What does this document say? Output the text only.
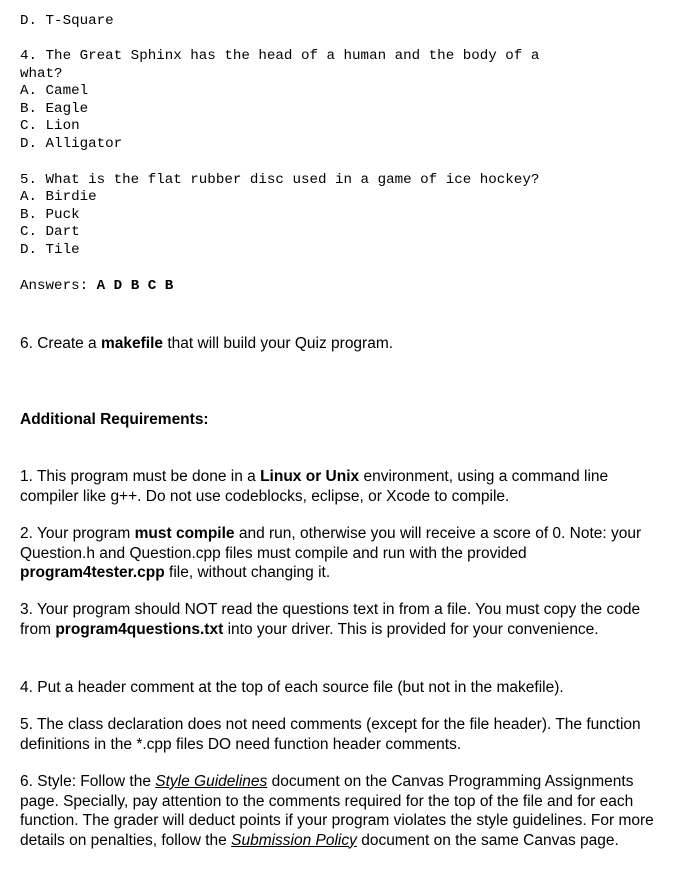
D. T-Square
4. The Great Sphinx has the head of a human and the body of a
what?
A. Camel
B. Eagle
C. Lion
D. Alligator
5. What is the flat rubber disc used in a game of ice hockey?
A. Birdie
B. Puck
C. Dart
D. Tile
Answers: A D B C B
6. Create a makefile that will build your Quiz program.
Additional Requirements:
1. This program must be done in a Linux or Unix environment, using a command line compiler like g++. Do not use codeblocks, eclipse, or Xcode to compile.
2. Your program must compile and run, otherwise you will receive a score of 0. Note: your Question.h and Question.cpp files must compile and run with the provided program4tester.cpp file, without changing it.
3. Your program should NOT read the questions text in from a file. You must copy the code from program4questions.txt into your driver. This is provided for your convenience.
4. Put a header comment at the top of each source file (but not in the makefile).
5. The class declaration does not need comments (except for the file header). The function definitions in the *.cpp files DO need function header comments.
6. Style: Follow the Style Guidelines document on the Canvas Programming Assignments page. Specially, pay attention to the comments required for the top of the file and for each function. The grader will deduct points if your program violates the style guidelines. For more details on penalties, follow the Submission Policy document on the same Canvas page.
